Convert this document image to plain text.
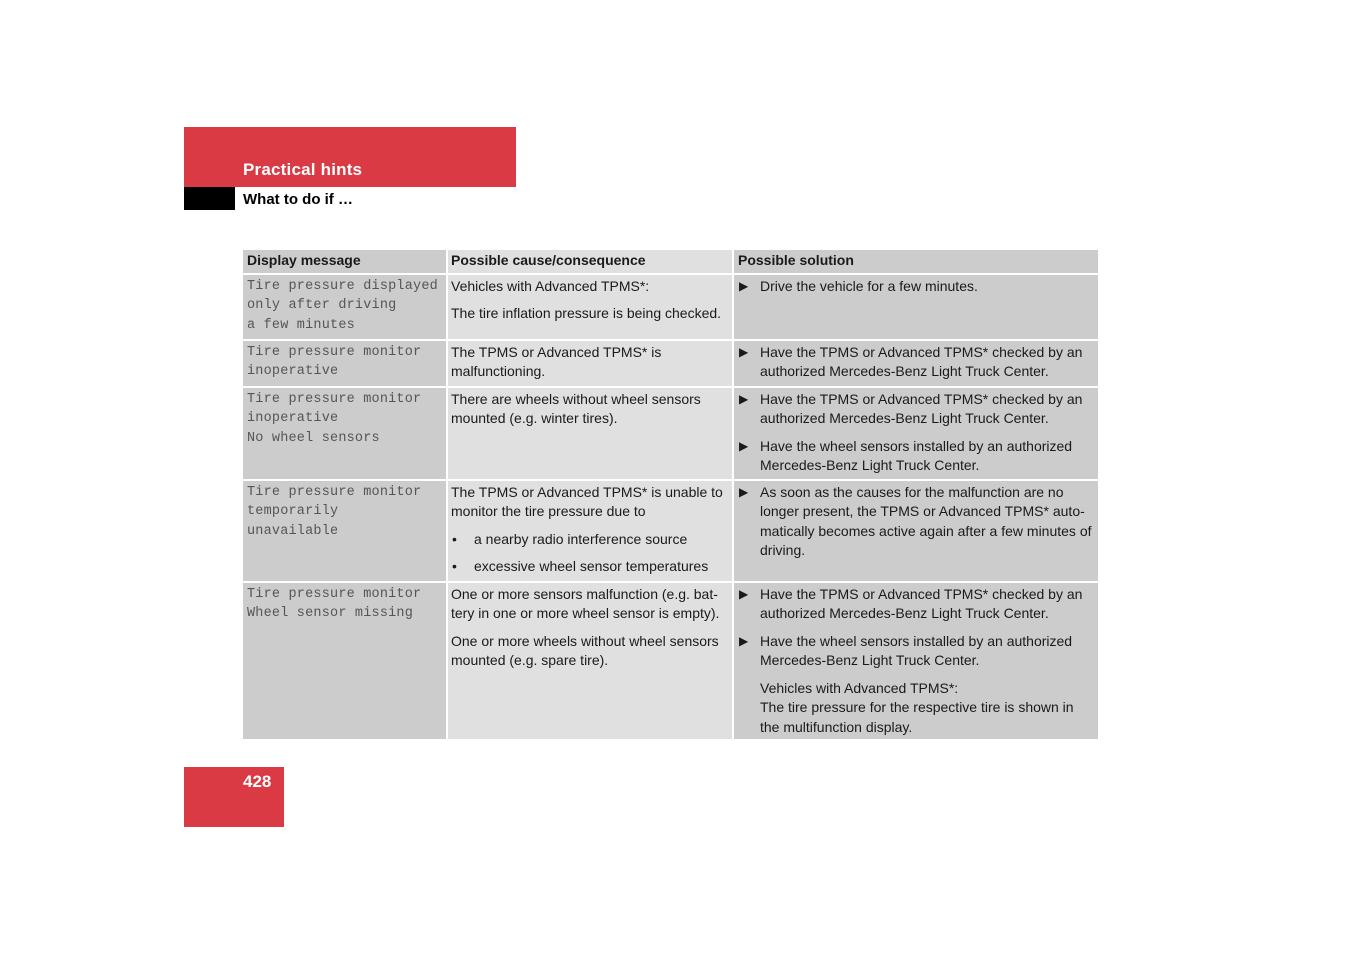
Practical hints
What to do if …
Display message	Possible cause/consequence	Possible solution
Tire pressure displayed
only after driving
a few minutes
Vehicles with Advanced TPMS*:
The tire inflation pressure is being checked.
▶ Drive the vehicle for a few minutes.
Tire pressure monitor
inoperative
The TPMS or Advanced TPMS* is malfunctioning.
▶ Have the TPMS or Advanced TPMS* checked by an authorized Mercedes-Benz Light Truck Center.
Tire pressure monitor
inoperative
No wheel sensors
There are wheels without wheel sensors mounted (e.g. winter tires).
▶ Have the TPMS or Advanced TPMS* checked by an authorized Mercedes-Benz Light Truck Center.
▶ Have the wheel sensors installed by an authorized Mercedes-Benz Light Truck Center.
Tire pressure monitor
temporarily
unavailable
The TPMS or Advanced TPMS* is unable to monitor the tire pressure due to
• a nearby radio interference source
• excessive wheel sensor temperatures
▶ As soon as the causes for the malfunction are no longer present, the TPMS or Advanced TPMS* auto-matically becomes active again after a few minutes of driving.
Tire pressure monitor
Wheel sensor missing
One or more sensors malfunction (e.g. bat-tery in one or more wheel sensor is empty).
One or more wheels without wheel sensors mounted (e.g. spare tire).
▶ Have the TPMS or Advanced TPMS* checked by an authorized Mercedes-Benz Light Truck Center.
▶ Have the wheel sensors installed by an authorized Mercedes-Benz Light Truck Center.
Vehicles with Advanced TPMS*:
The tire pressure for the respective tire is shown in the multifunction display.
428
